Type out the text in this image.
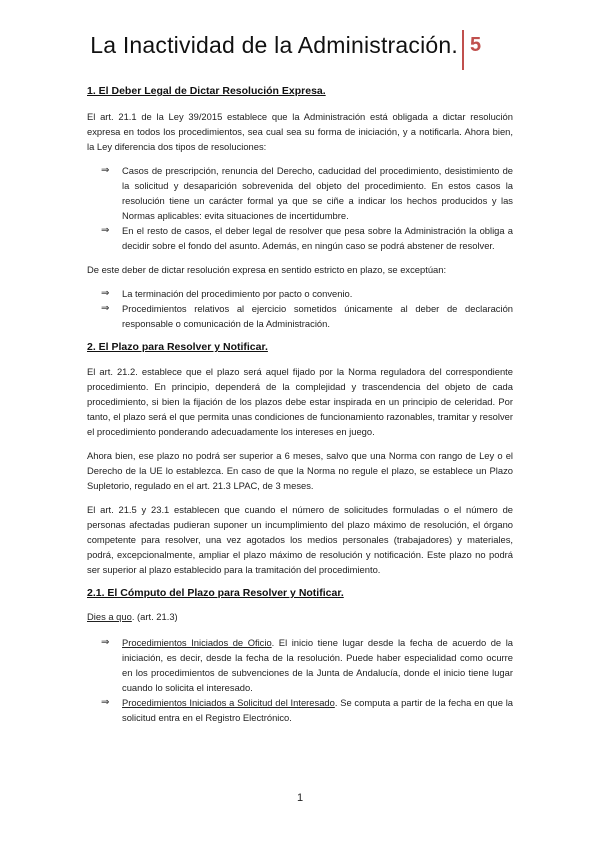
La Inactividad de la Administración. 5
1. El Deber Legal de Dictar Resolución Expresa.

El art. 21.1 de la Ley 39/2015 establece que la Administración está obligada a dictar resolución expresa en todos los procedimientos, sea cual sea su forma de iniciación, y a notificarla. Ahora bien, la Ley diferencia dos tipos de resoluciones:

⇒ Casos de prescripción, renuncia del Derecho, caducidad del procedimiento, desistimiento de la solicitud y desaparición sobrevenida del objeto del procedimiento. En estos casos la resolución tiene un carácter formal ya que se ciñe a indicar los hechos producidos y las Normas aplicables: evita situaciones de incertidumbre.
⇒ En el resto de casos, el deber legal de resolver que pesa sobre la Administración la obliga a decidir sobre el fondo del asunto. Además, en ningún caso se podrá abstener de resolver.

De este deber de dictar resolución expresa en sentido estricto en plazo, se exceptúan:

⇒ La terminación del procedimiento por pacto o convenio.
⇒ Procedimientos relativos al ejercicio sometidos únicamente al deber de declaración responsable o comunicación de la Administración.
2. El Plazo para Resolver y Notificar.

El art. 21.2. establece que el plazo será aquel fijado por la Norma reguladora del correspondiente procedimiento. En principio, dependerá de la complejidad y trascendencia del objeto de cada procedimiento, si bien la fijación de los plazos debe estar inspirada en un principio de celeridad. Por tanto, el plazo será el que permita unas condiciones de funcionamiento razonables, tramitar y resolver el procedimiento ponderando adecuadamente los intereses en juego.

Ahora bien, ese plazo no podrá ser superior a 6 meses, salvo que una Norma con rango de Ley o el Derecho de la UE lo establezca. En caso de que la Norma no regule el plazo, se establece un Plazo Supletorio, regulado en el art. 21.3 LPAC, de 3 meses.

El art. 21.5 y 23.1 establecen que cuando el número de solicitudes formuladas o el número de personas afectadas pudieran suponer un incumplimiento del plazo máximo de resolución, el órgano competente para resolver, una vez agotados los medios personales (trabajadores) y materiales, podrá, excepcionalmente, ampliar el plazo máximo de resolución y notificación. Este plazo no podrá ser superior al plazo establecido para la tramitación del procedimiento.

2.1. El Cómputo del Plazo para Resolver y Notificar.

Dies a quo. (art. 21.3)

⇒ Procedimientos Iniciados de Oficio. El inicio tiene lugar desde la fecha de acuerdo de la iniciación, es decir, desde la fecha de la resolución. Puede haber especialidad como ocurre en los procedimientos de subvenciones de la Junta de Andalucía, donde el inicio tiene lugar cuando lo solicita el interesado.
⇒ Procedimientos Iniciados a Solicitud del Interesado. Se computa a partir de la fecha en que la solicitud entra en el Registro Electrónico.
1
